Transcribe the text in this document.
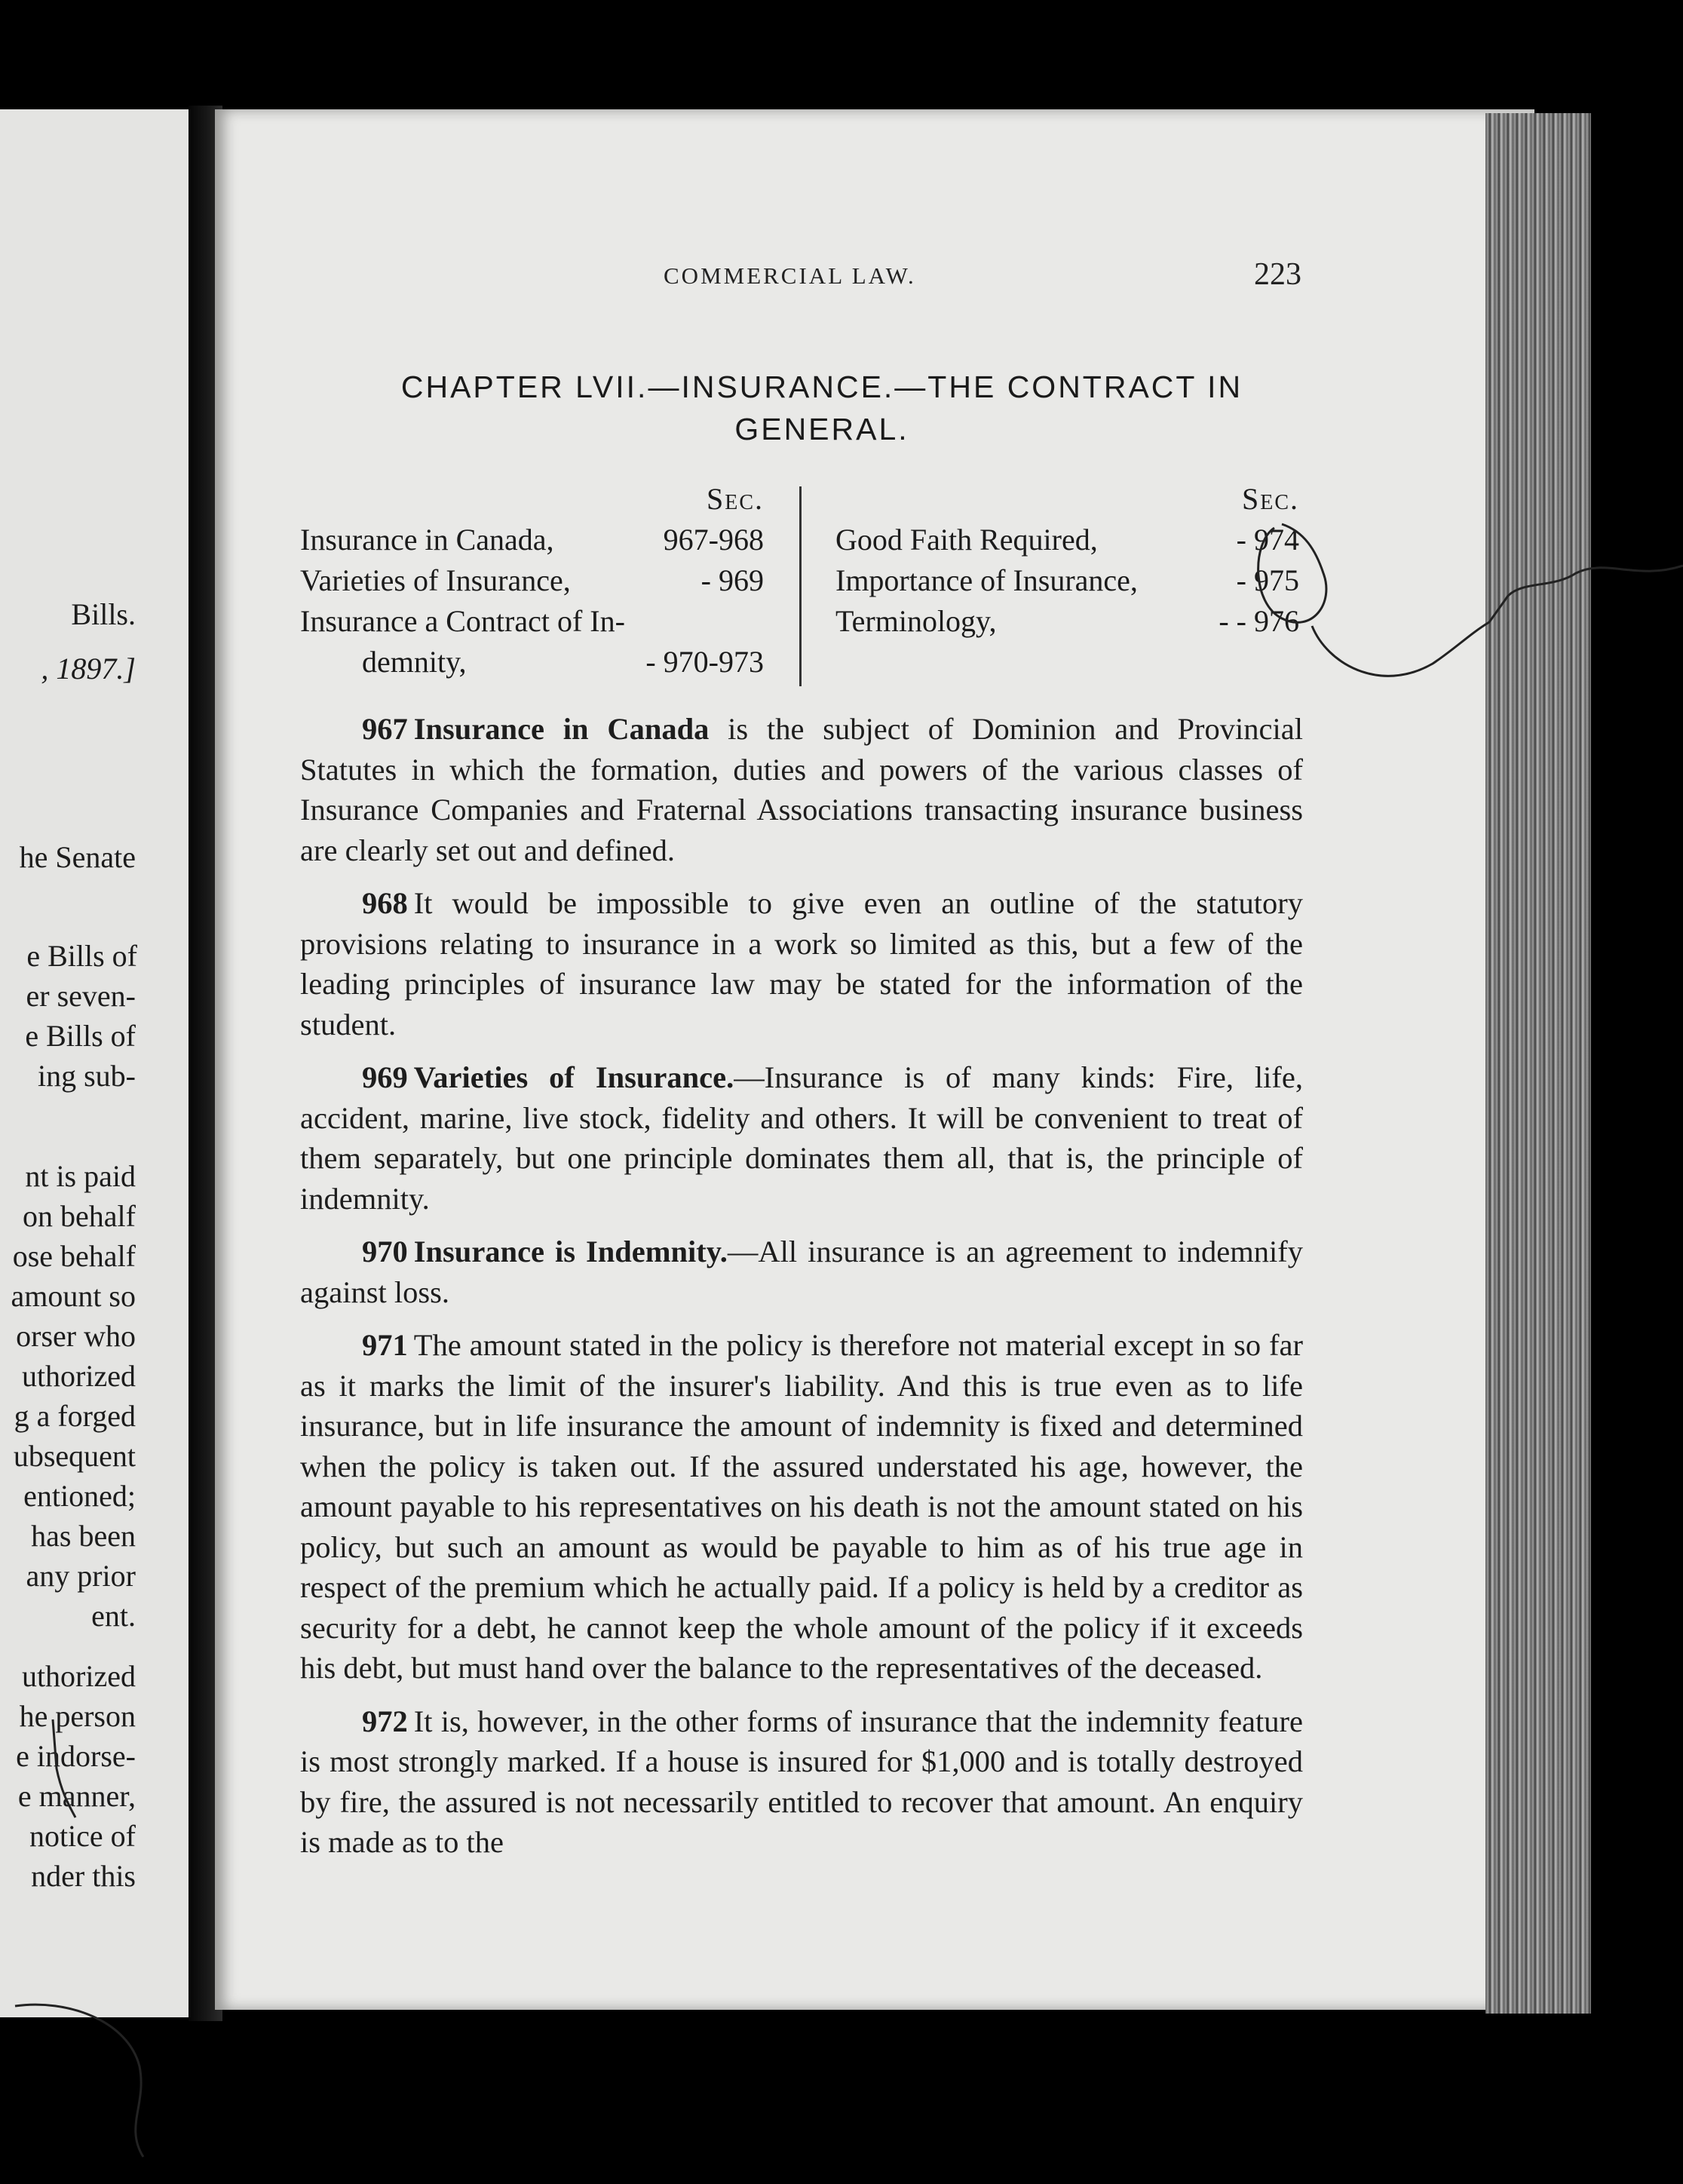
Bills.
, 1897.]
he Senate
e Bills of
er seven-
e Bills of
ing sub-
nt is paid
on behalf
ose behalf
amount so
orser who
uthorized
g a forged
ubsequent
entioned;
has been
any prior
ent.
uthorized
he person
e indorse-
e manner,
notice of
nder this
COMMERCIAL LAW.	223
CHAPTER LVII.—INSURANCE.—THE CONTRACT IN
GENERAL.
Sec.
Insurance in Canada,	967-968
Varieties of Insurance,	- 969
Insurance a Contract of In-
demnity,	- 970-973
Sec.
Good Faith Required,	- 974
Importance of Insurance,	- 975
Terminology,	- - 976

967 Insurance in Canada is the subject of Dominion and Provincial Statutes in which the formation, duties and powers of the various classes of Insurance Companies and Fraternal Associations transacting insurance business are clearly set out and defined.

968 It would be impossible to give even an outline of the statutory provisions relating to insurance in a work so limited as this, but a few of the leading principles of insurance law may be stated for the information of the student.

969 Varieties of Insurance.—Insurance is of many kinds: Fire, life, accident, marine, live stock, fidelity and others. It will be convenient to treat of them separately, but one principle dominates them all, that is, the principle of indemnity.

970 Insurance is Indemnity.—All insurance is an agreement to indemnify against loss.

971 The amount stated in the policy is therefore not material except in so far as it marks the limit of the insurer's liability. And this is true even as to life insurance, but in life insurance the amount of indemnity is fixed and determined when the policy is taken out. If the assured understated his age, however, the amount payable to his representatives on his death is not the amount stated on his policy, but such an amount as would be payable to him as of his true age in respect of the premium which he actually paid. If a policy is held by a creditor as security for a debt, he cannot keep the whole amount of the policy if it exceeds his debt, but must hand over the balance to the representatives of the deceased.

972 It is, however, in the other forms of insurance that the indemnity feature is most strongly marked. If a house is insured for $1,000 and is totally destroyed by fire, the assured is not necessarily entitled to recover that amount. An enquiry is made as to the
